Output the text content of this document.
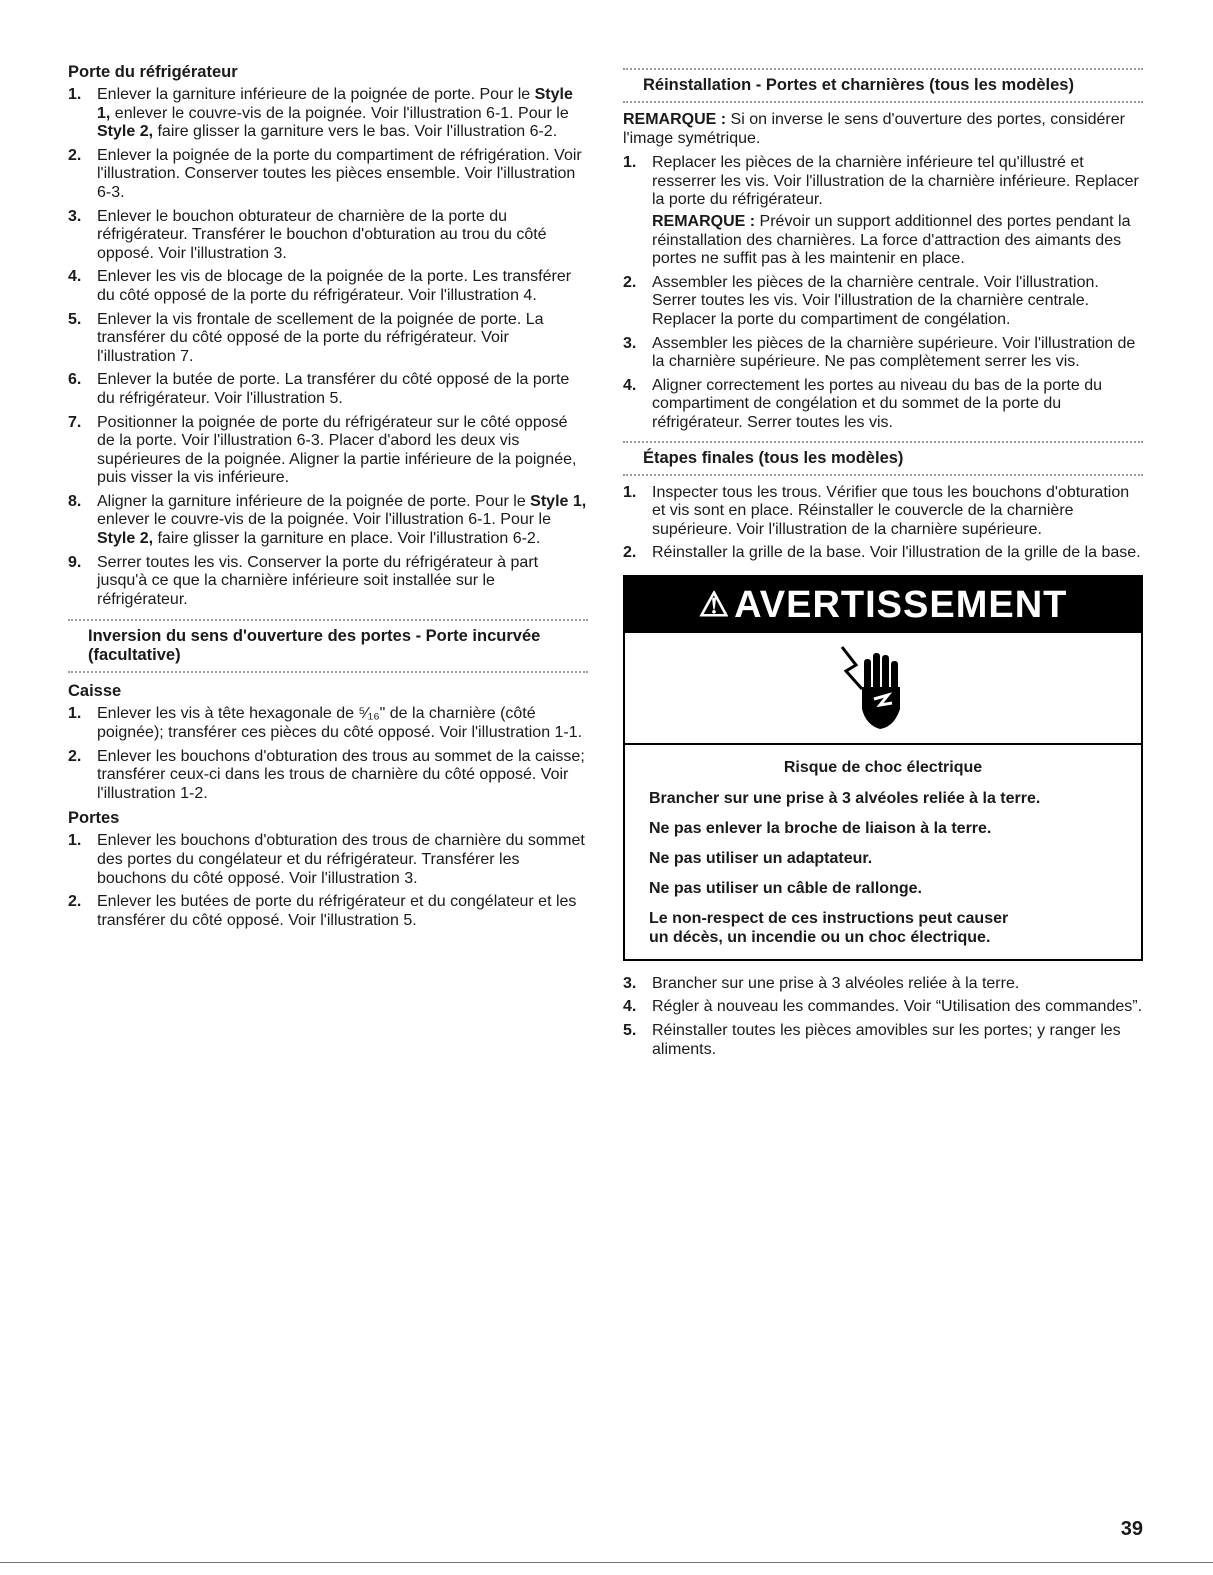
Porte du réfrigérateur
1. Enlever la garniture inférieure de la poignée de porte. Pour le Style 1, enlever le couvre-vis de la poignée. Voir l'illustration 6-1. Pour le Style 2, faire glisser la garniture vers le bas. Voir l'illustration 6-2.
2. Enlever la poignée de la porte du compartiment de réfrigération. Voir l'illustration. Conserver toutes les pièces ensemble. Voir l'illustration 6-3.
3. Enlever le bouchon obturateur de charnière de la porte du réfrigérateur. Transférer le bouchon d'obturation au trou du côté opposé. Voir l'illustration 3.
4. Enlever les vis de blocage de la poignée de la porte. Les transférer du côté opposé de la porte du réfrigérateur. Voir l'illustration 4.
5. Enlever la vis frontale de scellement de la poignée de porte. La transférer du côté opposé de la porte du réfrigérateur. Voir l'illustration 7.
6. Enlever la butée de porte. La transférer du côté opposé de la porte du réfrigérateur. Voir l'illustration 5.
7. Positionner la poignée de porte du réfrigérateur sur le côté opposé de la porte. Voir l'illustration 6-3. Placer d'abord les deux vis supérieures de la poignée. Aligner la partie inférieure de la poignée, puis visser la vis inférieure.
8. Aligner la garniture inférieure de la poignée de porte. Pour le Style 1, enlever le couvre-vis de la poignée. Voir l'illustration 6-1. Pour le Style 2, faire glisser la garniture en place. Voir l'illustration 6-2.
9. Serrer toutes les vis. Conserver la porte du réfrigérateur à part jusqu'à ce que la charnière inférieure soit installée sur le réfrigérateur.
Inversion du sens d'ouverture des portes - Porte incurvée (facultative)
Caisse
1. Enlever les vis à tête hexagonale de ⁵⁄₁₆" de la charnière (côté poignée); transférer ces pièces du côté opposé. Voir l'illustration 1-1.
2. Enlever les bouchons d'obturation des trous au sommet de la caisse; transférer ceux-ci dans les trous de charnière du côté opposé. Voir l'illustration 1-2.
Portes
1. Enlever les bouchons d'obturation des trous de charnière du sommet des portes du congélateur et du réfrigérateur. Transférer les bouchons du côté opposé. Voir l'illustration 3.
2. Enlever les butées de porte du réfrigérateur et du congélateur et les transférer du côté opposé. Voir l'illustration 5.
Réinstallation - Portes et charnières (tous les modèles)

REMARQUE : Si on inverse le sens d'ouverture des portes, considérer l'image symétrique.

1. Replacer les pièces de la charnière inférieure tel qu'illustré et resserrer les vis. Voir l'illustration de la charnière inférieure. Replacer la porte du réfrigérateur.
REMARQUE : Prévoir un support additionnel des portes pendant la réinstallation des charnières. La force d'attraction des aimants des portes ne suffit pas à les maintenir en place.
2. Assembler les pièces de la charnière centrale. Voir l'illustration. Serrer toutes les vis. Voir l'illustration de la charnière centrale. Replacer la porte du compartiment de congélation.
3. Assembler les pièces de la charnière supérieure. Voir l'illustration de la charnière supérieure. Ne pas complètement serrer les vis.
4. Aligner correctement les portes au niveau du bas de la porte du compartiment de congélation et du sommet de la porte du réfrigérateur. Serrer toutes les vis.
Étapes finales (tous les modèles)
1. Inspecter tous les trous. Vérifier que tous les bouchons d'obturation et vis sont en place. Réinstaller le couvercle de la charnière supérieure. Voir l'illustration de la charnière supérieure.
2. Réinstaller la grille de la base. Voir l'illustration de la grille de la base.
⚠ AVERTISSEMENT
Risque de choc électrique
Brancher sur une prise à 3 alvéoles reliée à la terre.
Ne pas enlever la broche de liaison à la terre.
Ne pas utiliser un adaptateur.
Ne pas utiliser un câble de rallonge.
Le non-respect de ces instructions peut causer
un décès, un incendie ou un choc électrique.
3. Brancher sur une prise à 3 alvéoles reliée à la terre.
4. Régler à nouveau les commandes. Voir “Utilisation des commandes”.
5. Réinstaller toutes les pièces amovibles sur les portes; y ranger les aliments.
39
